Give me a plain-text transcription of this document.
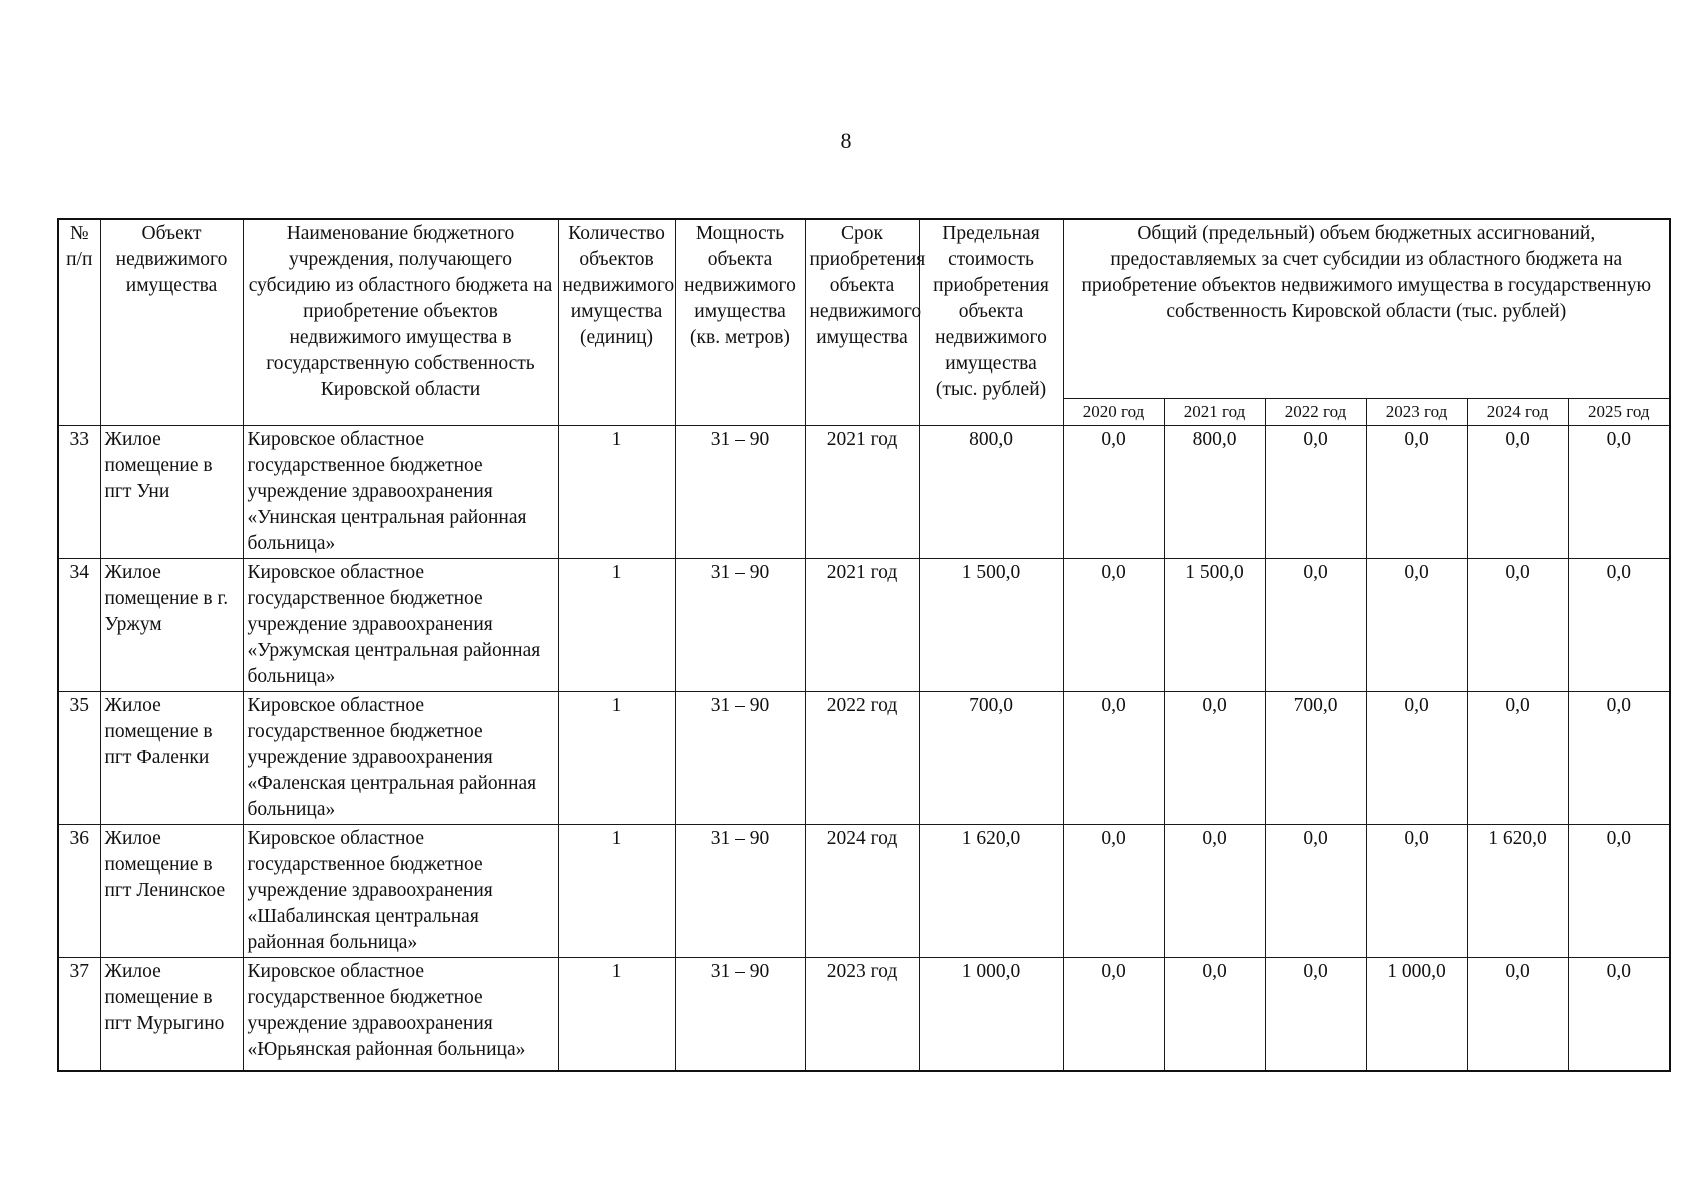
8
№ п/п	Объект недвижимого имущества	Наименование бюджетного учреждения, получающего субсидию из областного бюджета на приобретение объектов недвижимого имущества в государственную собственность Кировской области	Количество объектов недвижимого имущества (единиц)	Мощность объекта недвижимого имущества (кв. метров)	Срок приобретения объекта недвижимого имущества	Предельная стоимость приобретения объекта недвижимого имущества (тыс. рублей)	Общий (предельный) объем бюджетных ассигнований, предоставляемых за счет субсидии из областного бюджета на приобретение объектов недвижимого имущества в государственную собственность Кировской области (тыс. рублей)					
							2020 год	2021 год	2022 год	2023 год	2024 год	2025 год
33	Жилое помещение в пгт Уни	Кировское областное государственное бюджетное учреждение здравоохранения «Унинская центральная районная больница»	1	31 – 90	2021 год	800,0	0,0	800,0	0,0	0,0	0,0	0,0
34	Жилое помещение в г. Уржум	Кировское областное государственное бюджетное учреждение здравоохранения «Уржумская центральная районная больница»	1	31 – 90	2021 год	1 500,0	0,0	1 500,0	0,0	0,0	0,0	0,0
35	Жилое помещение в пгт Фаленки	Кировское областное государственное бюджетное учреждение здравоохранения «Фаленская центральная районная больница»	1	31 – 90	2022 год	700,0	0,0	0,0	700,0	0,0	0,0	0,0
36	Жилое помещение в пгт Ленинское	Кировское областное государственное бюджетное учреждение здравоохранения «Шабалинская центральная районная больница»	1	31 – 90	2024 год	1 620,0	0,0	0,0	0,0	0,0	1 620,0	0,0
37	Жилое помещение в пгт Мурыгино	Кировское областное государственное бюджетное учреждение здравоохранения «Юрьянская районная больница»	1	31 – 90	2023 год	1 000,0	0,0	0,0	0,0	1 000,0	0,0	0,0
